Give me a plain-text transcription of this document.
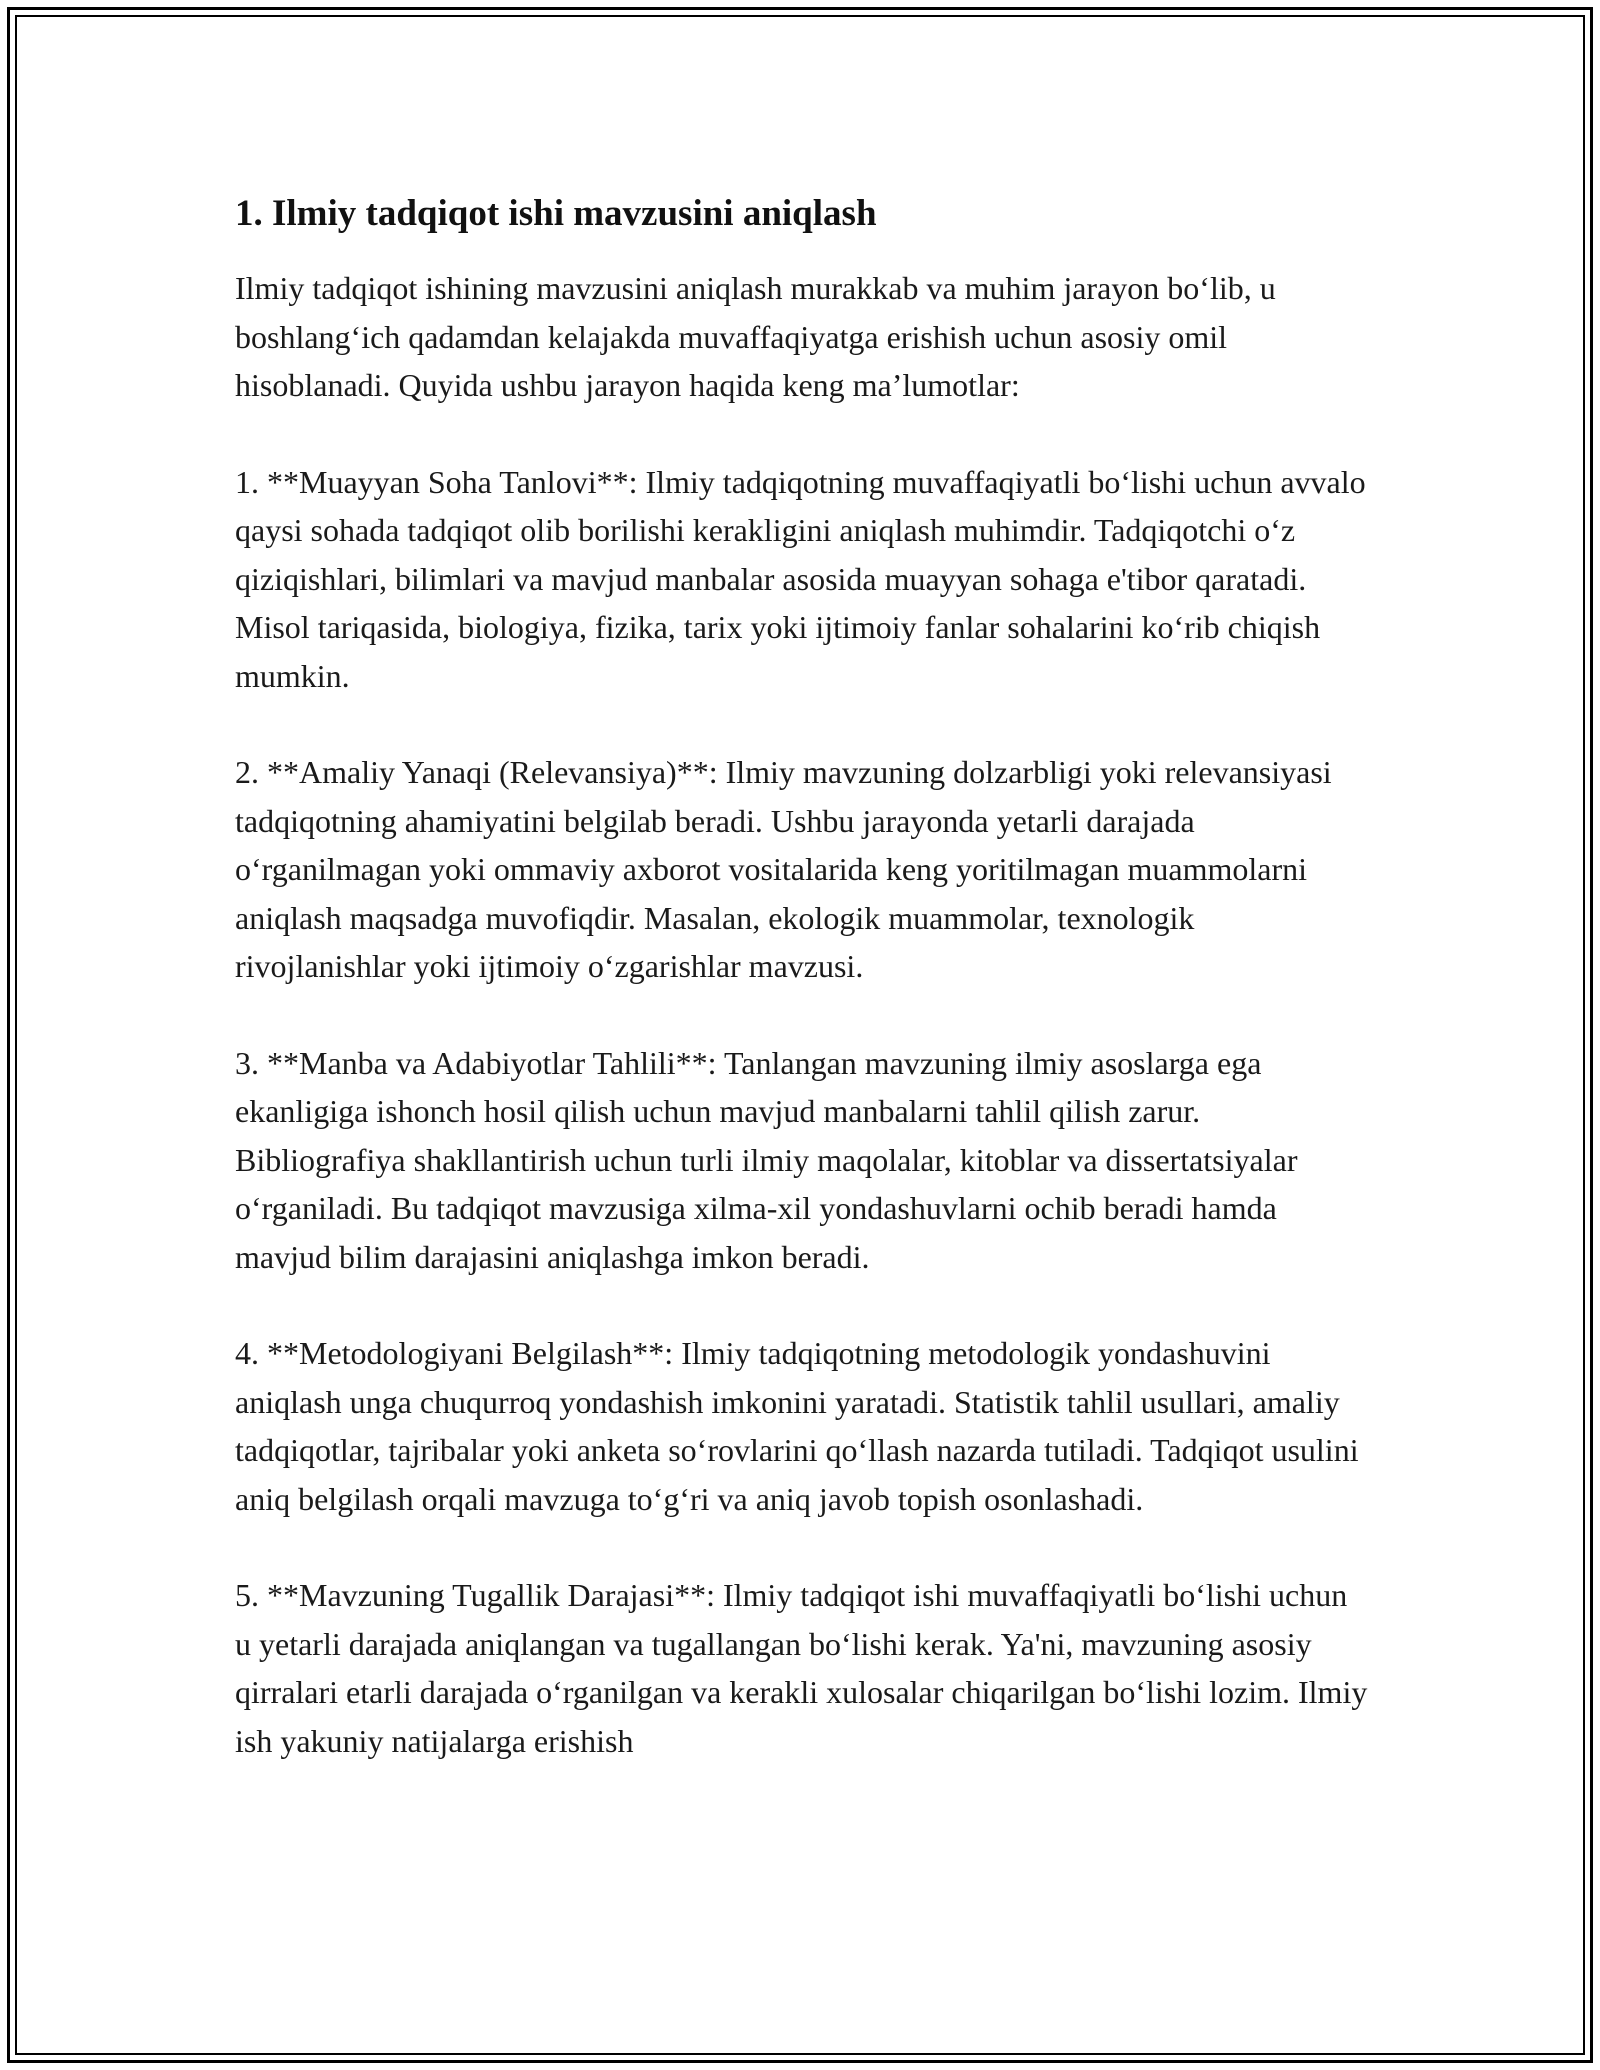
1. Ilmiy tadqiqot ishi mavzusini aniqlash

Ilmiy tadqiqot ishining mavzusini aniqlash murakkab va muhim jarayon bo‘lib, u boshlang‘ich qadamdan kelajakda muvaffaqiyatga erishish uchun asosiy omil hisoblanadi. Quyida ushbu jarayon haqida keng ma’lumotlar:

1. **Muayyan Soha Tanlovi**: Ilmiy tadqiqotning muvaffaqiyatli bo‘lishi uchun avvalo qaysi sohada tadqiqot olib borilishi kerakligini aniqlash muhimdir. Tadqiqotchi o‘z qiziqishlari, bilimlari va mavjud manbalar asosida muayyan sohaga e'tibor qaratadi. Misol tariqasida, biologiya, fizika, tarix yoki ijtimoiy fanlar sohalarini ko‘rib chiqish mumkin.

2. **Amaliy Yanaqi (Relevansiya)**: Ilmiy mavzuning dolzarbligi yoki relevansiyasi tadqiqotning ahamiyatini belgilab beradi. Ushbu jarayonda yetarli darajada o‘rganilmagan yoki ommaviy axborot vositalarida keng yoritilmagan muammolarni aniqlash maqsadga muvofiqdir. Masalan, ekologik muammolar, texnologik rivojlanishlar yoki ijtimoiy o‘zgarishlar mavzusi.

3. **Manba va Adabiyotlar Tahlili**: Tanlangan mavzuning ilmiy asoslarga ega ekanligiga ishonch hosil qilish uchun mavjud manbalarni tahlil qilish zarur. Bibliografiya shakllantirish uchun turli ilmiy maqolalar, kitoblar va dissertatsiyalar o‘rganiladi. Bu tadqiqot mavzusiga xilma-xil yondashuvlarni ochib beradi hamda mavjud bilim darajasini aniqlashga imkon beradi.

4. **Metodologiyani Belgilash**: Ilmiy tadqiqotning metodologik yondashuvini aniqlash unga chuqurroq yondashish imkonini yaratadi. Statistik tahlil usullari, amaliy tadqiqotlar, tajribalar yoki anketa so‘rovlarini qo‘llash nazarda tutiladi. Tadqiqot usulini aniq belgilash orqali mavzuga to‘g‘ri va aniq javob topish osonlashadi.

5. **Mavzuning Tugallik Darajasi**: Ilmiy tadqiqot ishi muvaffaqiyatli bo‘lishi uchun u yetarli darajada aniqlangan va tugallangan bo‘lishi kerak. Ya'ni, mavzuning asosiy qirralari etarli darajada o‘rganilgan va kerakli xulosalar chiqarilgan bo‘lishi lozim. Ilmiy ish yakuniy natijalarga erishish
